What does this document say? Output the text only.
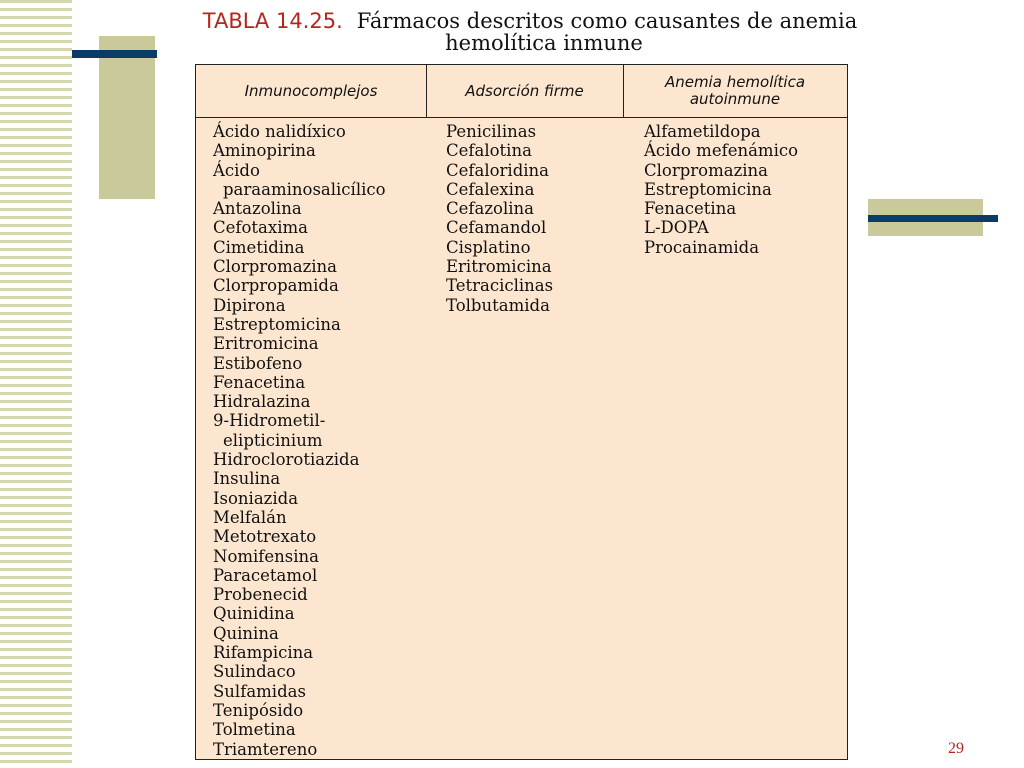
TABLA 14.25. Fármacos descritos como causantes de anemia
hemolítica inmune
Inmunocomplejos	Adsorción firme	Anemia hemolítica autoinmune
Ácido nalidíxico
Aminopirina
Ácido
paraaminosalicílico
Antazolina
Cefotaxima
Cimetidina
Clorpromazina
Clorpropamida
Dipirona
Estreptomicina
Eritromicina
Estibofeno
Fenacetina
Hidralazina
9-Hidrometil-
elipticinium
Hidroclorotiazida
Insulina
Isoniazida
Melfalán
Metotrexato
Nomifensina
Paracetamol
Probenecid
Quinidina
Quinina
Rifampicina
Sulindaco
Sulfamidas
Tenipósido
Tolmetina
Triamtereno
Penicilinas
Cefalotina
Cefaloridina
Cefalexina
Cefazolina
Cefamandol
Cisplatino
Eritromicina
Tetraciclinas
Tolbutamida
Alfametildopa
Ácido mefenámico
Clorpromazina
Estreptomicina
Fenacetina
L-DOPA
Procainamida
29
